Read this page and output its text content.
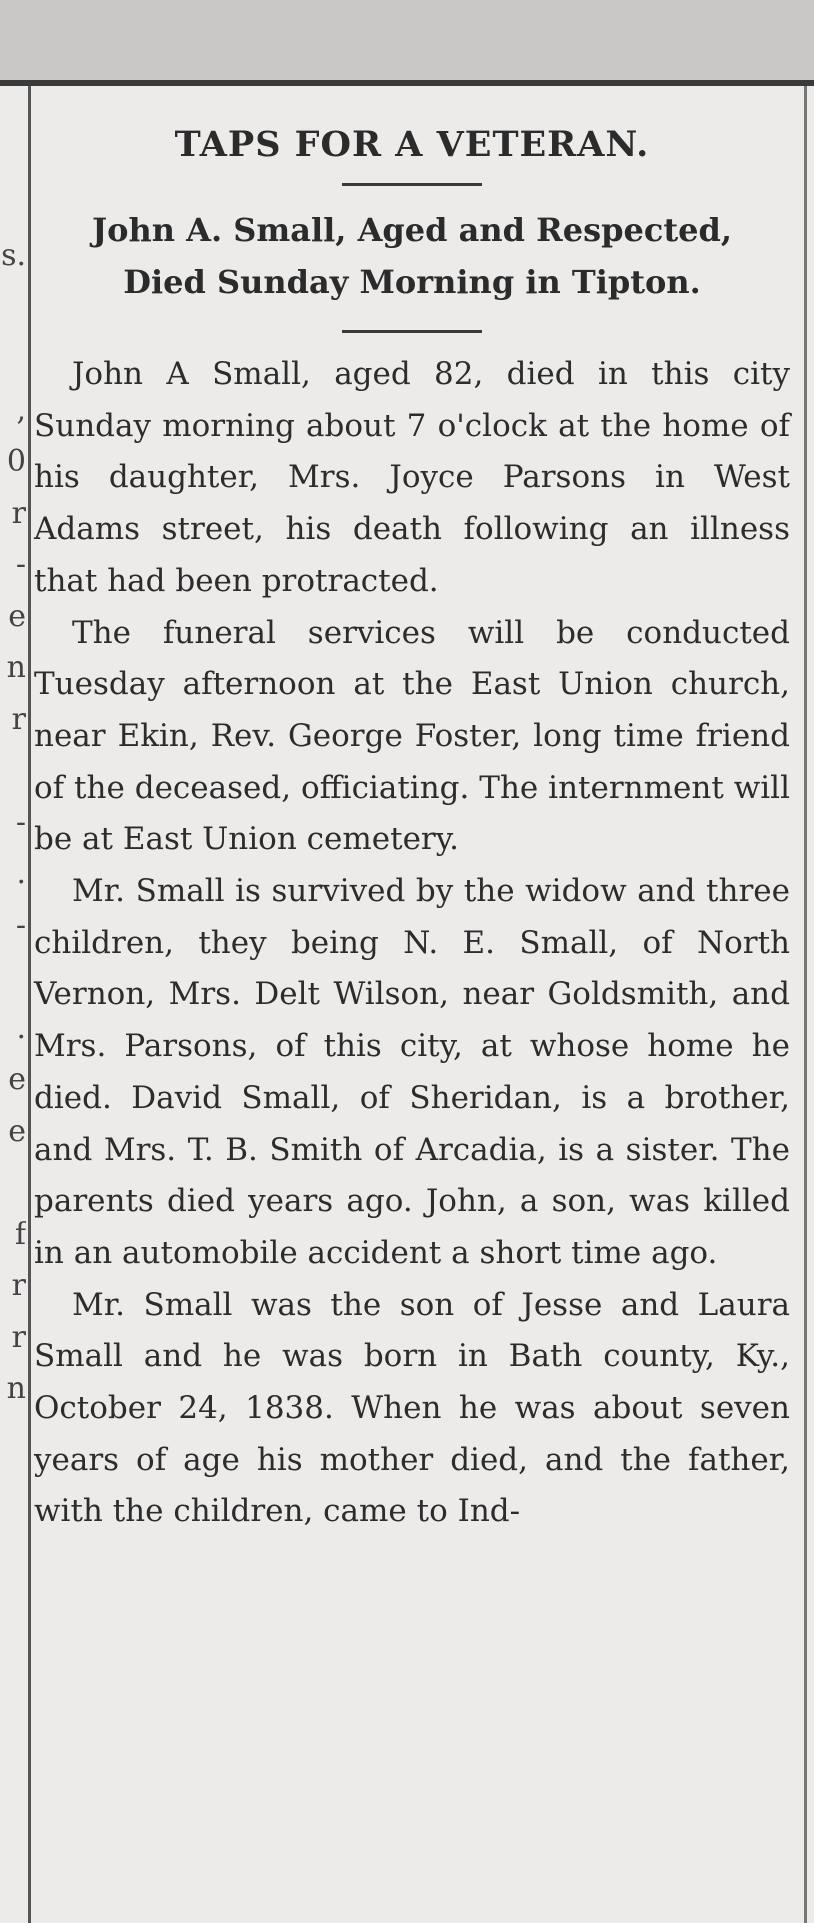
s.
,
0
r
-
e
n
r
-
.
-
.
e
e
f
r
r
n
TAPS FOR A VETERAN.
John A. Small, Aged and Respected,
Died Sunday Morning in Tipton.

John A Small, aged 82, died in this city Sunday morning about 7 o'clock at the home of his daughter, Mrs. Joyce Parsons in West Adams street, his death following an illness that had been protracted.

The funeral services will be conducted Tuesday afternoon at the East Union church, near Ekin, Rev. George Foster, long time friend of the deceased, officiating. The internment will be at East Union cemetery.

Mr. Small is survived by the widow and three children, they being N. E. Small, of North Vernon, Mrs. Delt Wilson, near Goldsmith, and Mrs. Parsons, of this city, at whose home he died. David Small, of Sheridan, is a brother, and Mrs. T. B. Smith of Arcadia, is a sister. The parents died years ago. John, a son, was killed in an automobile accident a short time ago.

Mr. Small was the son of Jesse and Laura Small and he was born in Bath county, Ky., October 24, 1838. When he was about seven years of age his mother died, and the father, with the children, came to Ind-
